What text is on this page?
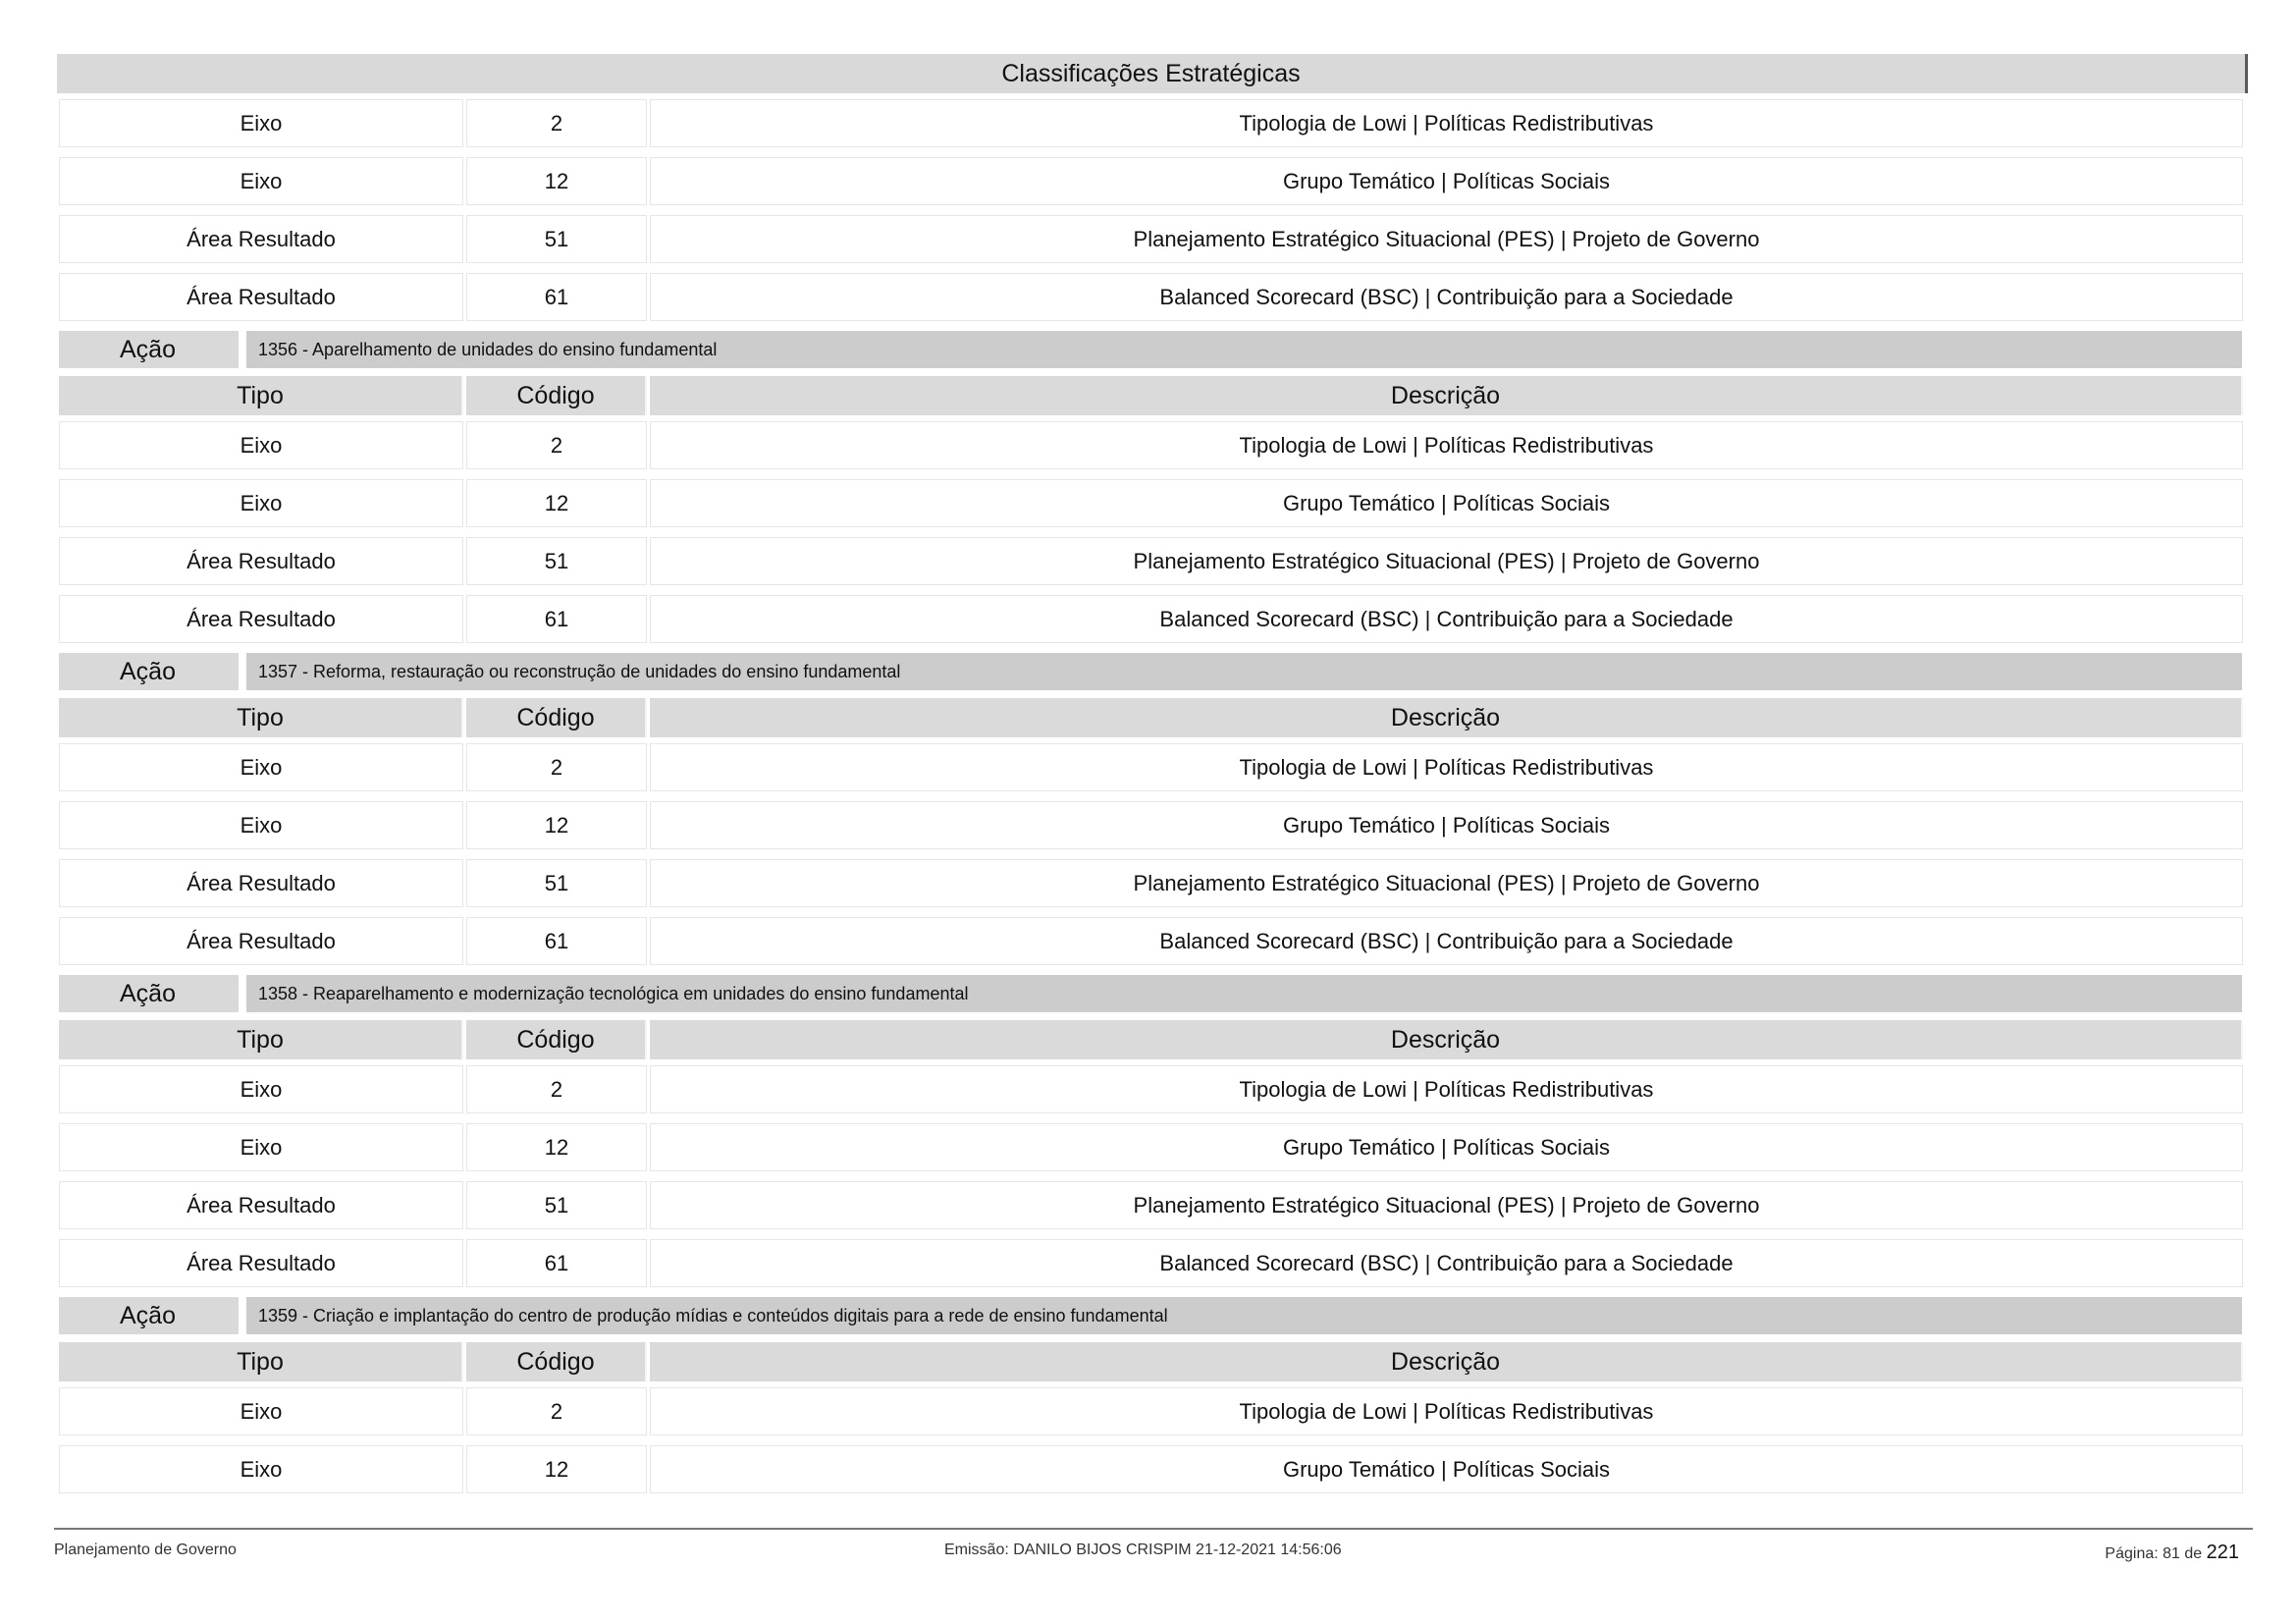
Classificações Estratégicas
Eixo	2	Tipologia de Lowi | Políticas Redistributivas
Eixo	12	Grupo Temático | Políticas Sociais
Área Resultado	51	Planejamento Estratégico Situacional (PES) | Projeto de Governo
Área Resultado	61	Balanced Scorecard (BSC) | Contribuição para a Sociedade
Ação	1356 - Aparelhamento de unidades do ensino fundamental
Tipo	Código	Descrição
Eixo	2	Tipologia de Lowi | Políticas Redistributivas
Eixo	12	Grupo Temático | Políticas Sociais
Área Resultado	51	Planejamento Estratégico Situacional (PES) | Projeto de Governo
Área Resultado	61	Balanced Scorecard (BSC) | Contribuição para a Sociedade
Ação	1357 - Reforma, restauração ou reconstrução de unidades do ensino fundamental
Tipo	Código	Descrição
Eixo	2	Tipologia de Lowi | Políticas Redistributivas
Eixo	12	Grupo Temático | Políticas Sociais
Área Resultado	51	Planejamento Estratégico Situacional (PES) | Projeto de Governo
Área Resultado	61	Balanced Scorecard (BSC) | Contribuição para a Sociedade
Ação	1358 - Reaparelhamento e modernização tecnológica em unidades do ensino fundamental
Tipo	Código	Descrição
Eixo	2	Tipologia de Lowi | Políticas Redistributivas
Eixo	12	Grupo Temático | Políticas Sociais
Área Resultado	51	Planejamento Estratégico Situacional (PES) | Projeto de Governo
Área Resultado	61	Balanced Scorecard (BSC) | Contribuição para a Sociedade
Ação	1359 - Criação e implantação do centro de produção mídias e conteúdos digitais para a rede de ensino fundamental
Tipo	Código	Descrição
Eixo	2	Tipologia de Lowi | Políticas Redistributivas
Eixo	12	Grupo Temático | Políticas Sociais
Planejamento de Governo	Emissão: DANILO BIJOS CRISPIM 21-12-2021 14:56:06	Página: 81 de 221
